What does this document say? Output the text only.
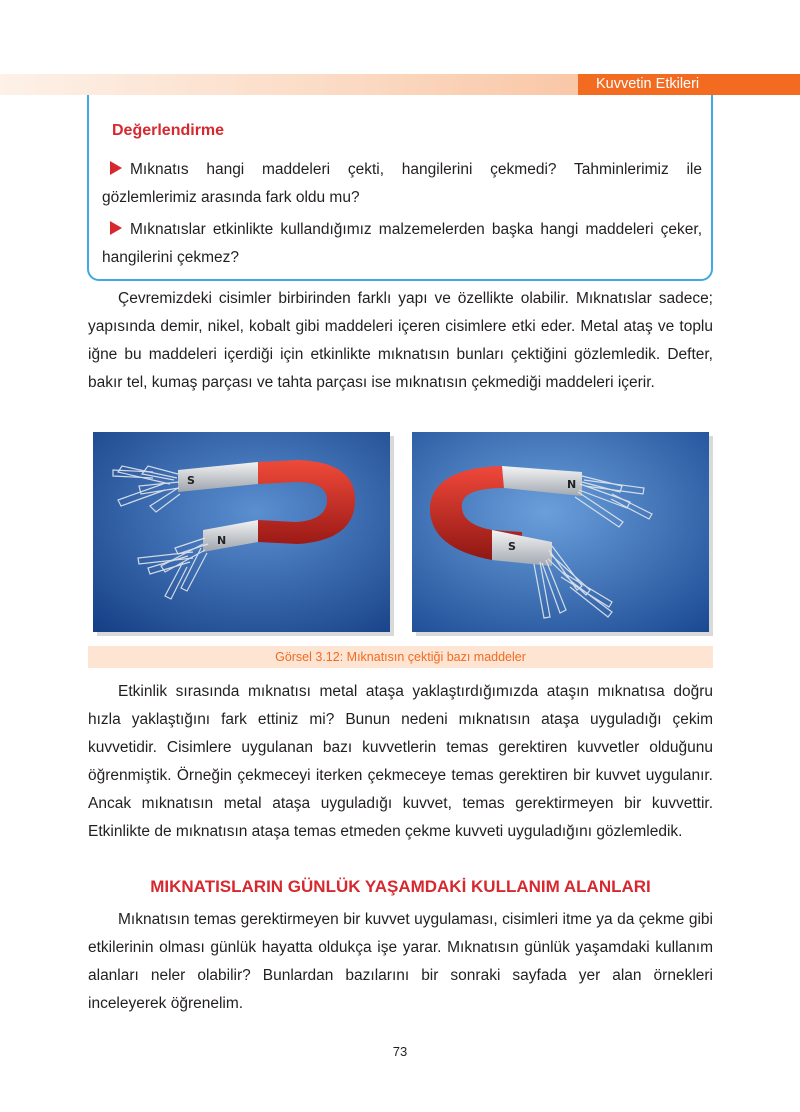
Kuvvetin Etkileri
Değerlendirme
Mıknatıs hangi maddeleri çekti, hangilerini çekmedi? Tahminlerimiz ile gözlemlerimiz arasında fark oldu mu?
Mıknatıslar etkinlikte kullandığımız malzemelerden başka hangi maddeleri çeker, hangilerini çekmez?
Çevremizdeki cisimler birbirinden farklı yapı ve özellikte olabilir. Mıknatıslar sadece; yapısında demir, nikel, kobalt gibi maddeleri içeren cisimlere etki eder. Metal ataş ve toplu iğne bu maddeleri içerdiği için etkinlikte mıknatısın bunları çektiğini gözlemledik. Defter, bakır tel, kumaş parçası ve tahta parçası ise mıknatısın çekmediği maddeleri içerir.
S
N
N
S
Görsel 3.12: Mıknatısın çektiği bazı maddeler
Etkinlik sırasında mıknatısı metal ataşa yaklaştırdığımızda ataşın mıknatısa doğru hızla yaklaştığını fark ettiniz mi? Bunun nedeni mıknatısın ataşa uyguladığı çekim kuvvetidir. Cisimlere uygulanan bazı kuvvetlerin temas gerektiren kuvvetler olduğunu öğrenmiştik. Örneğin çekmeceyi iterken çekmeceye temas gerektiren bir kuvvet uygulanır. Ancak mıknatısın metal ataşa uyguladığı kuvvet, temas gerektirmeyen bir kuvvettir. Etkinlikte de mıknatısın ataşa temas etmeden çekme kuvveti uyguladığını gözlemledik.
MIKNATISLARIN GÜNLÜK YAŞAMDAKİ KULLANIM ALANLARI
Mıknatısın temas gerektirmeyen bir kuvvet uygulaması, cisimleri itme ya da çekme gibi etkilerinin olması günlük hayatta oldukça işe yarar. Mıknatısın günlük yaşamdaki kullanım alanları neler olabilir? Bunlardan bazılarını bir sonraki sayfada yer alan örnekleri inceleyerek öğrenelim.
73
